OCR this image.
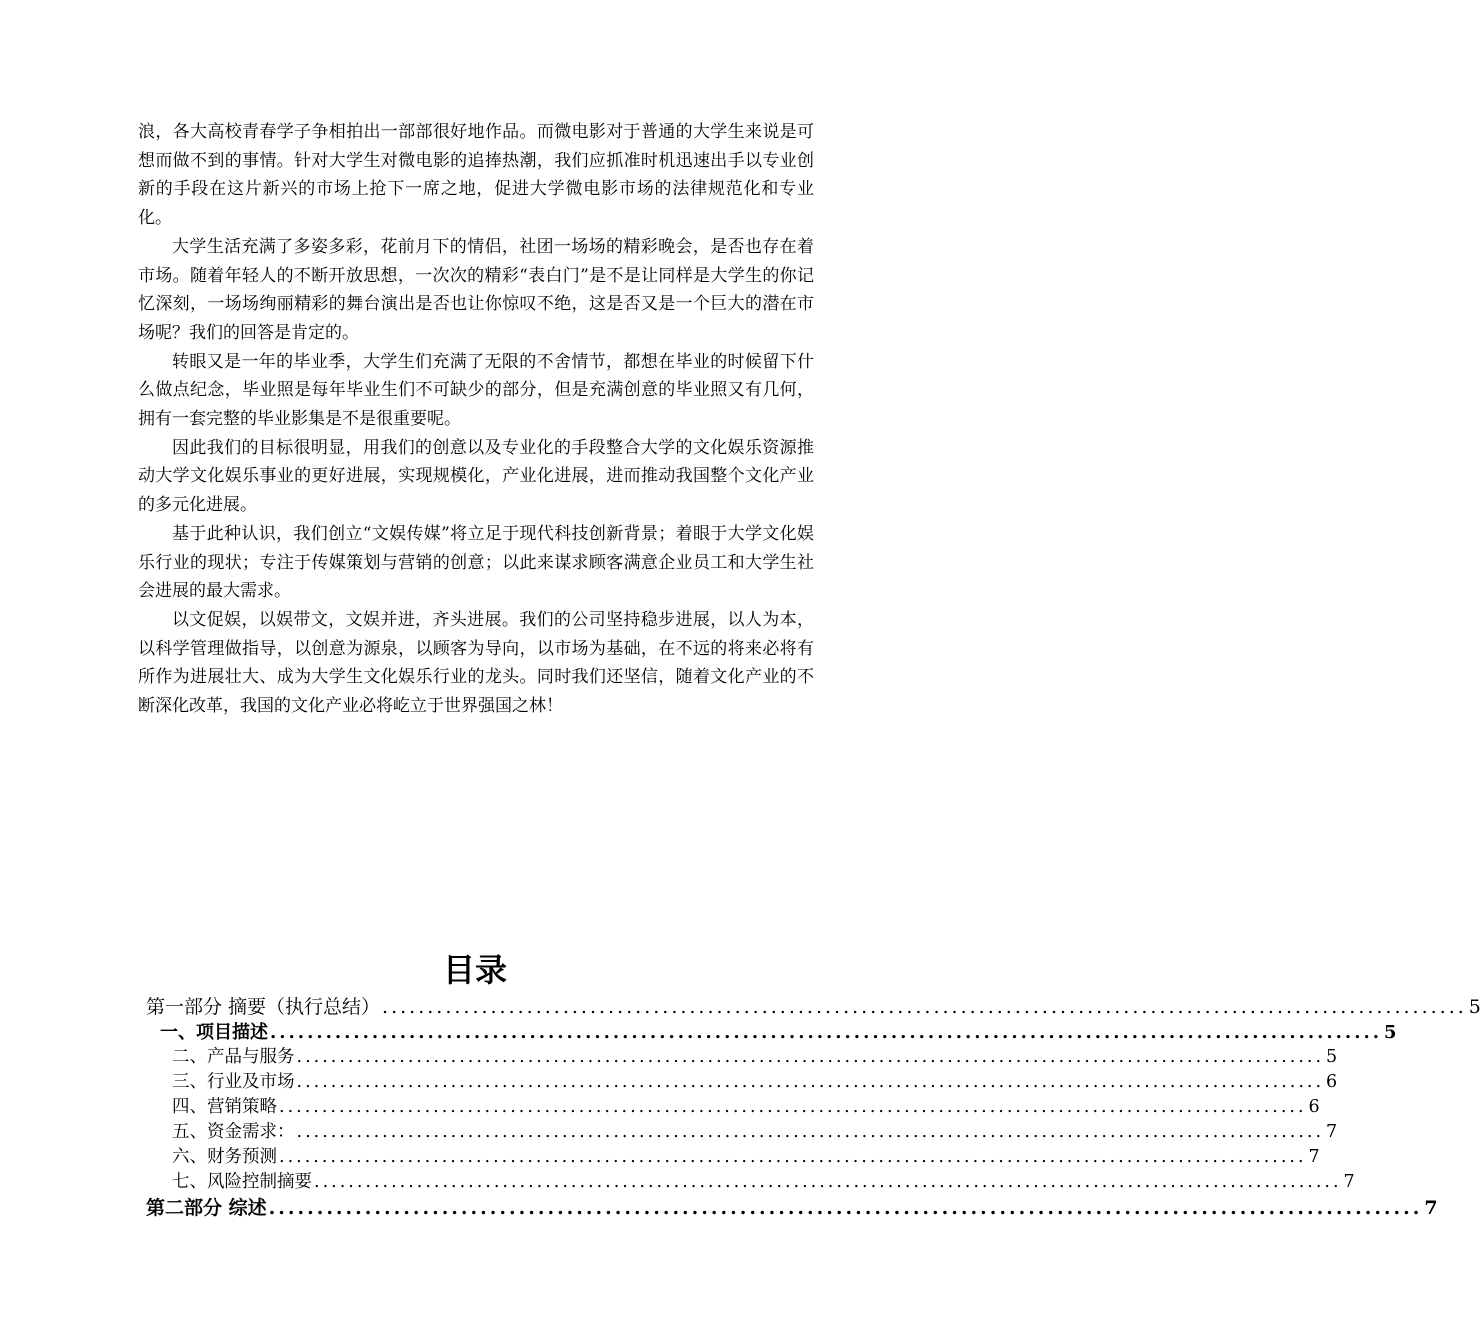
浪，各大高校青春学子争相拍出一部部很好地作品。而微电影对于普通的大学生来说是可想而做不到的事情。针对大学生对微电影的追捧热潮，我们应抓准时机迅速出手以专业创新的手段在这片新兴的市场上抢下一席之地，促进大学微电影市场的法律规范化和专业化。

大学生活充满了多姿多彩，花前月下的情侣，社团一场场的精彩晚会，是否也存在着市场。随着年轻人的不断开放思想，一次次的精彩“表白门”是不是让同样是大学生的你记忆深刻，一场场绚丽精彩的舞台演出是否也让你惊叹不绝，这是否又是一个巨大的潜在市场呢？我们的回答是肯定的。

转眼又是一年的毕业季，大学生们充满了无限的不舍情节，都想在毕业的时候留下什么做点纪念，毕业照是每年毕业生们不可缺少的部分，但是充满创意的毕业照又有几何，拥有一套完整的毕业影集是不是很重要呢。

因此我们的目标很明显，用我们的创意以及专业化的手段整合大学的文化娱乐资源推动大学文化娱乐事业的更好进展，实现规模化，产业化进展，进而推动我国整个文化产业的多元化进展。

基于此种认识，我们创立“文娱传媒”将立足于现代科技创新背景；着眼于大学文化娱乐行业的现状；专注于传媒策划与营销的创意；以此来谋求顾客满意企业员工和大学生社会进展的最大需求。

以文促娱，以娱带文，文娱并进，齐头进展。我们的公司坚持稳步进展，以人为本，以科学管理做指导，以创意为源泉，以顾客为导向，以市场为基础，在不远的将来必将有所作为进展壮大、成为大学生文化娱乐行业的龙头。同时我们还坚信，随着文化产业的不断深化改革，我国的文化产业必将屹立于世界强国之林！

目录
第一部分 摘要（执行总结） ........................................................................................................................ 5
一、项目描述 ........................................................................................................................ 5
二、产品与服务 ........................................................................................................................ 5
三、行业及市场 ........................................................................................................................ 6
四、营销策略 ........................................................................................................................ 6
五、资金需求： ........................................................................................................................ 7
六、财务预测 ........................................................................................................................ 7
七、风险控制摘要 ........................................................................................................................ 7
第二部分 综述 ........................................................................................................................ 7
